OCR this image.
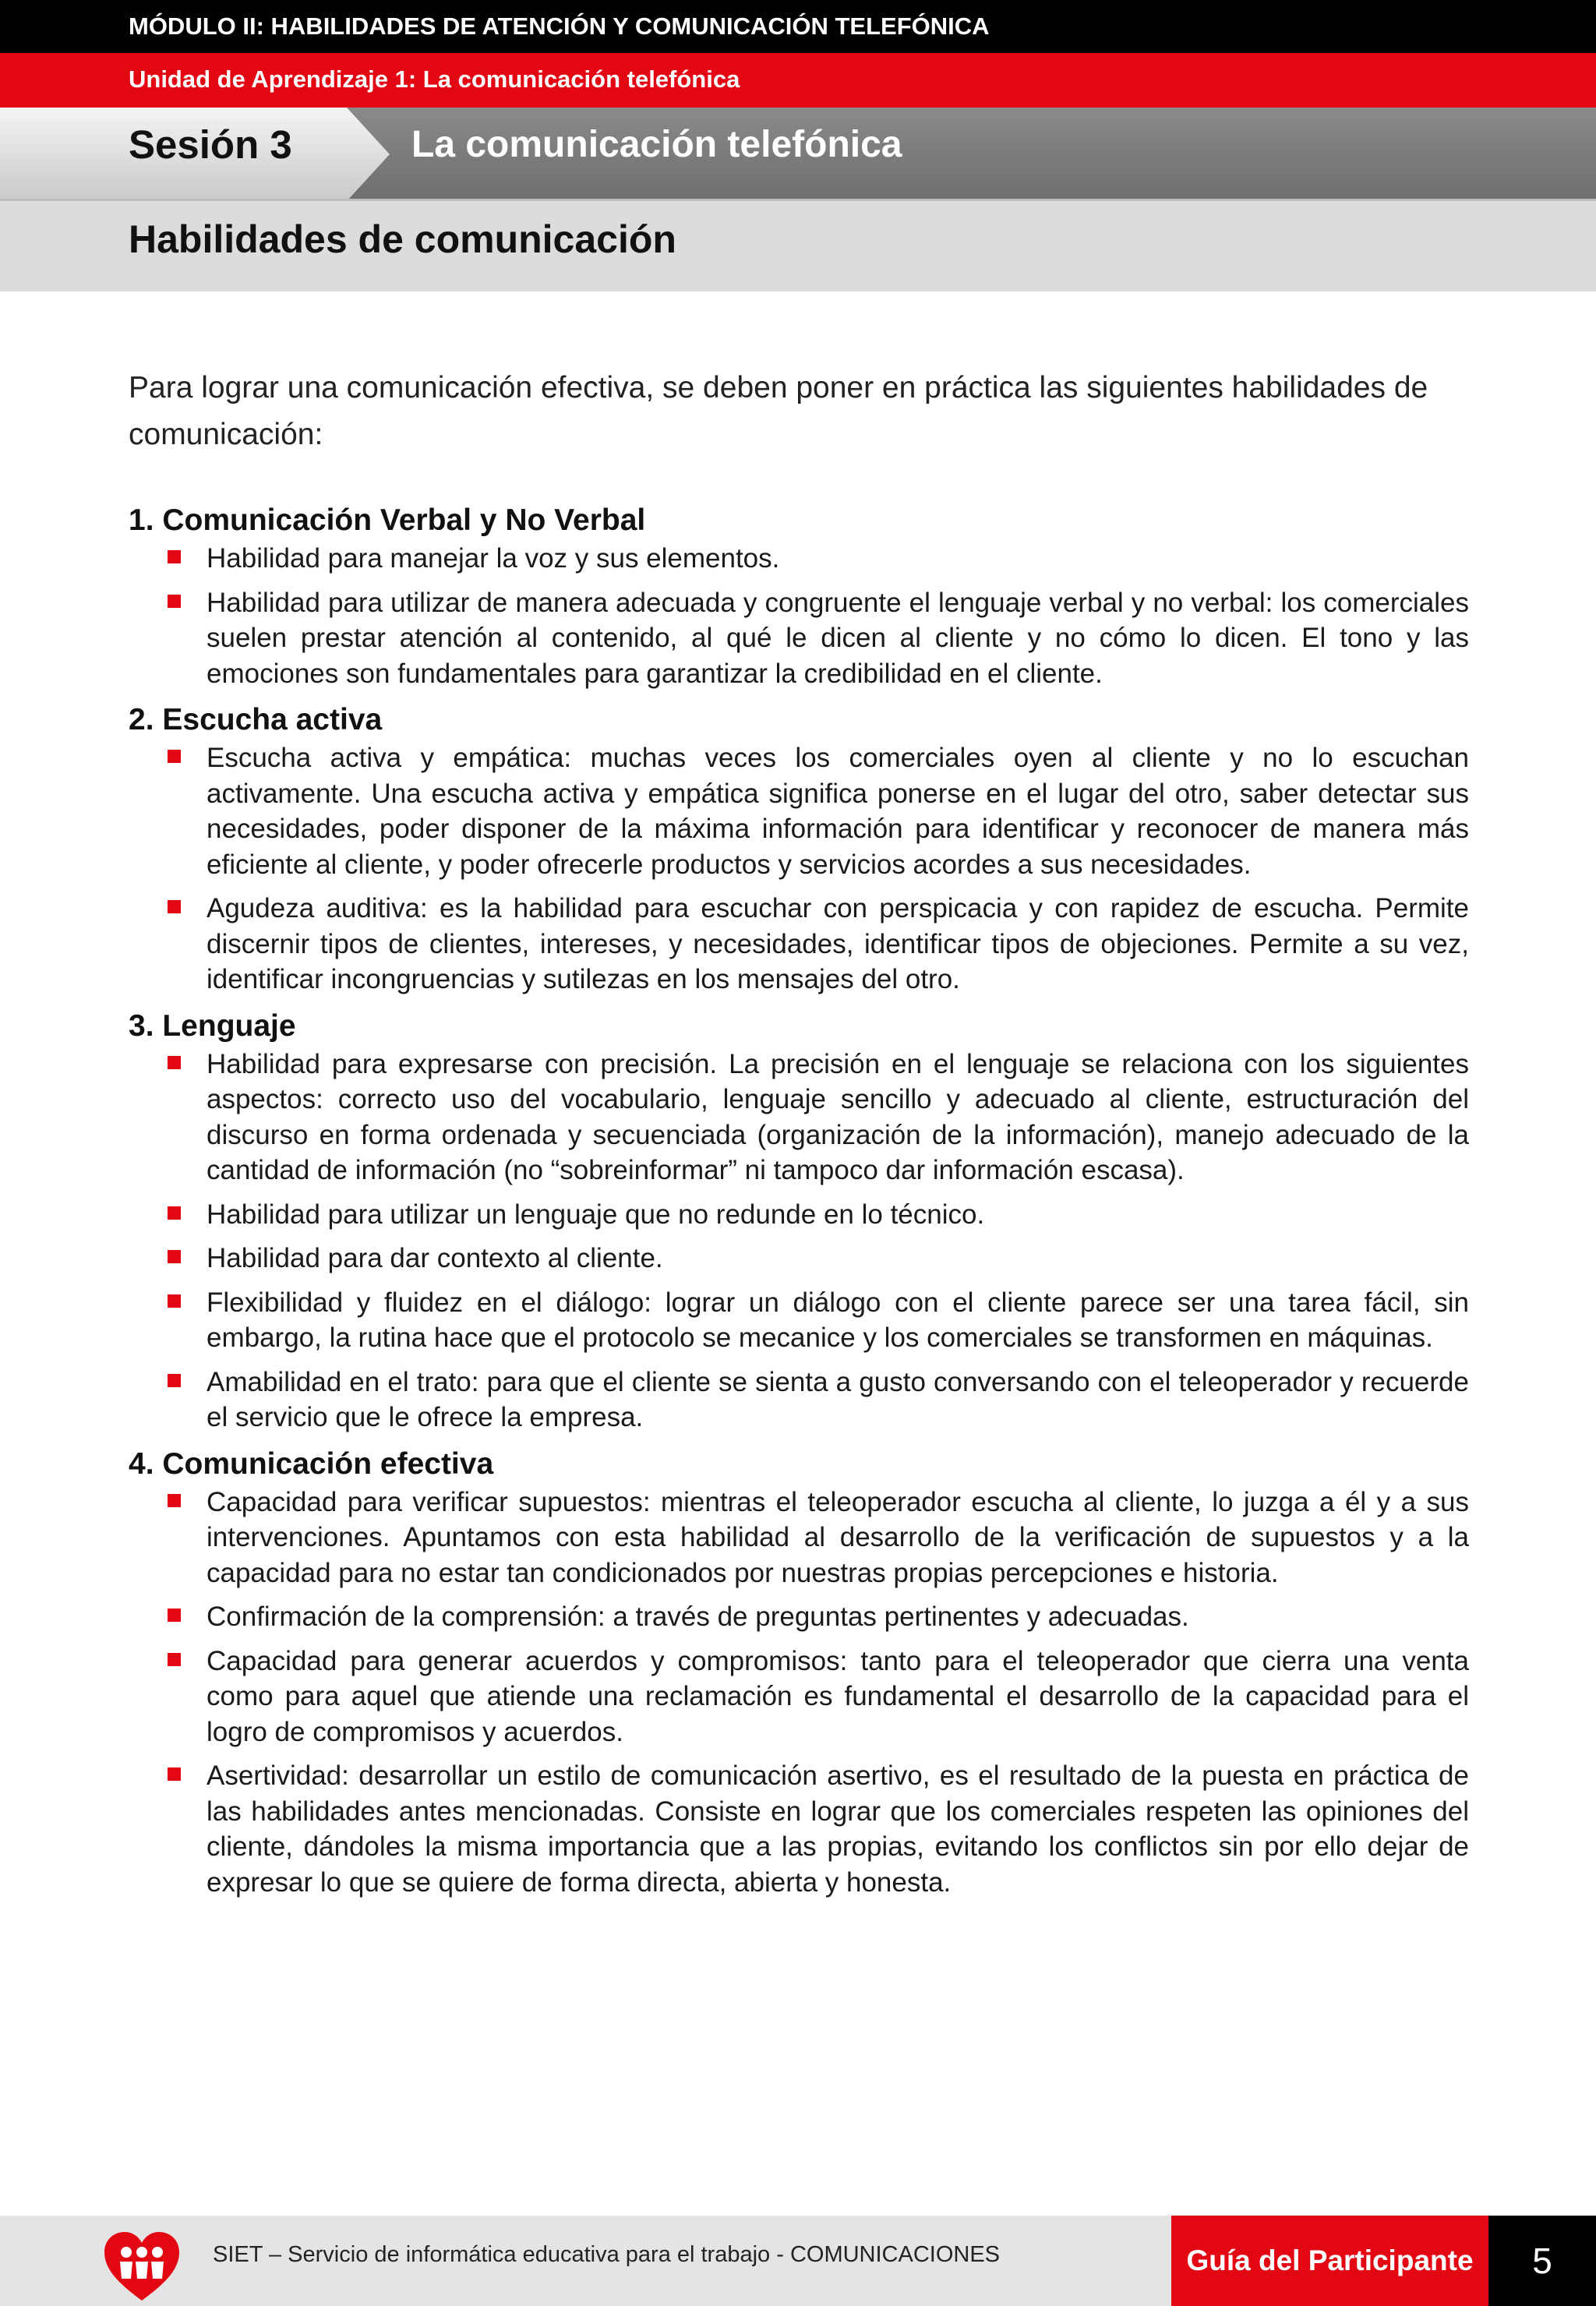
MÓDULO II: HABILIDADES DE ATENCIÓN Y COMUNICACIÓN TELEFÓNICA
Unidad de Aprendizaje 1: La comunicación telefónica
Sesión 3	La comunicación telefónica
Habilidades de comunicación

Para lograr una comunicación efectiva, se deben poner en práctica las siguientes habilidades de comunicación:

1. Comunicación Verbal y No Verbal
Habilidad para manejar la voz y sus elementos.
Habilidad para utilizar de manera adecuada y congruente el lenguaje verbal y no verbal: los comerciales suelen prestar atención al contenido, al qué le dicen al cliente y no cómo lo dicen. El tono y las emociones son fundamentales para garantizar la credibilidad en el cliente.
2. Escucha activa
Escucha activa y empática: muchas veces los comerciales oyen al cliente y no lo escuchan activamente. Una escucha activa y empática significa ponerse en el lugar del otro, saber detectar sus necesidades, poder disponer de la máxima información para identificar y reconocer de manera más eficiente al cliente, y poder ofrecerle productos y servicios acordes a sus necesidades.
Agudeza auditiva: es la habilidad para escuchar con perspicacia y con rapidez de escucha. Permite discernir tipos de clientes, intereses, y necesidades, identificar tipos de objeciones. Permite a su vez, identificar incongruencias y sutilezas en los mensajes del otro.
3. Lenguaje
Habilidad para expresarse con precisión. La precisión en el lenguaje se relaciona con los siguientes aspectos: correcto uso del vocabulario, lenguaje sencillo y adecuado al cliente, estructuración del discurso en forma ordenada y secuenciada (organización de la información), manejo adecuado de la cantidad de información (no “sobreinformar” ni tampoco dar información escasa).
Habilidad para utilizar un lenguaje que no redunde en lo técnico.
Habilidad para dar contexto al cliente.
Flexibilidad y fluidez en el diálogo: lograr un diálogo con el cliente parece ser una tarea fácil, sin embargo, la rutina hace que el protocolo se mecanice y los comerciales se transformen en máquinas.
Amabilidad en el trato: para que el cliente se sienta a gusto conversando con el teleoperador y recuerde el servicio que le ofrece la empresa.
4. Comunicación efectiva
Capacidad para verificar supuestos: mientras el teleoperador escucha al cliente, lo juzga a él y a sus intervenciones. Apuntamos con esta habilidad al desarrollo de la verificación de supuestos y a la capacidad para no estar tan condicionados por nuestras propias percepciones e historia.
Confirmación de la comprensión: a través de preguntas pertinentes y adecuadas.
Capacidad para generar acuerdos y compromisos: tanto para el teleoperador que cierra una venta como para aquel que atiende una reclamación es fundamental el desarrollo de la capacidad para el logro de compromisos y acuerdos.
Asertividad: desarrollar un estilo de comunicación asertivo, es el resultado de la puesta en práctica de las habilidades antes mencionadas. Consiste en lograr que los comerciales respeten las opiniones del cliente, dándoles la misma importancia que a las propias, evitando los conflictos sin por ello dejar de expresar lo que se quiere de forma directa, abierta y honesta.
SIET – Servicio de informática educativa para el trabajo - COMUNICACIONES	Guía del Participante	5
